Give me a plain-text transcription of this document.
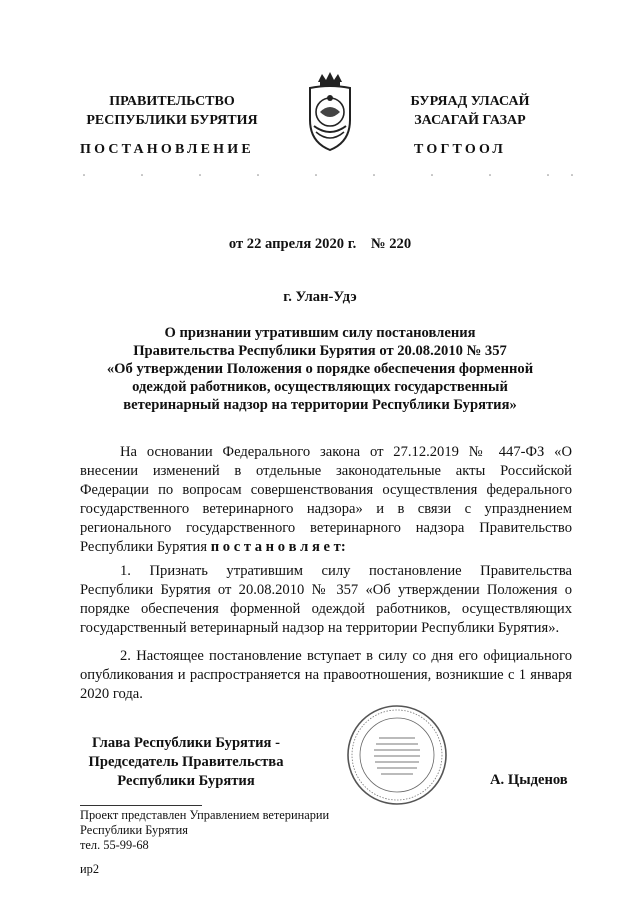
ПРАВИТЕЛЬСТВО
РЕСПУБЛИКИ БУРЯТИЯ
БУРЯАД УЛАСАЙ
ЗАСАГАЙ ГАЗАР
ПОСТАНОВЛЕНИЕ	ТОГТООЛ
от 22 апреля 2020 г.    № 220
г. Улан-Удэ
О признании утратившим силу постановления
Правительства Республики Бурятия от 20.08.2010 № 357
«Об утверждении Положения о порядке обеспечения форменной
одеждой работников, осуществляющих государственный
ветеринарный надзор на территории Республики Бурятия»
На основании Федерального закона от 27.12.2019 № 447-ФЗ «О внесении изменений в отдельные законодательные акты Российской Федерации по вопросам совершенствования осуществления федерального государственного ветеринарного надзора» и в связи с упразднением регионального государственного ветеринарного надзора Правительство Республики Бурятия п о с т а н о в л я е т:
1. Признать утратившим силу постановление Правительства Республики Бурятия от 20.08.2010 № 357 «Об утверждении Положения о порядке обеспечения форменной одеждой работников, осуществляющих государственный ветеринарный надзор на территории Республики Бурятия».
2. Настоящее постановление вступает в силу со дня его официального опубликования и распространяется на правоотношения, возникшие с 1 января 2020 года.
Глава Республики Бурятия -
Председатель Правительства
Республики Бурятия	А. Цыденов
Проект представлен Управлением ветеринарии
Республики Бурятия
тел. 55-99-68
ир2
